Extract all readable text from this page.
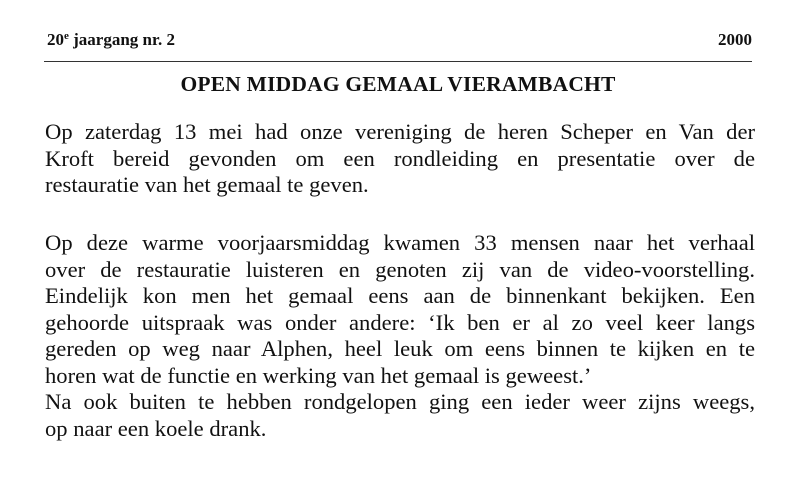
20e jaargang nr. 2	2000
OPEN MIDDAG GEMAAL VIERAMBACHT
Op zaterdag 13 mei had onze vereniging de heren Scheper en Van der
Kroft bereid gevonden om een rondleiding en presentatie over de
restauratie van het gemaal te geven.
Op deze warme voorjaarsmiddag kwamen 33 mensen naar het verhaal
over de restauratie luisteren en genoten zij van de video-voorstelling.
Eindelijk kon men het gemaal eens aan de binnenkant bekijken. Een
gehoorde uitspraak was onder andere: ‘Ik ben er al zo veel keer langs
gereden op weg naar Alphen, heel leuk om eens binnen te kijken en te
horen wat de functie en werking van het gemaal is geweest.’
Na ook buiten te hebben rondgelopen ging een ieder weer zijns weegs,
op naar een koele drank.
